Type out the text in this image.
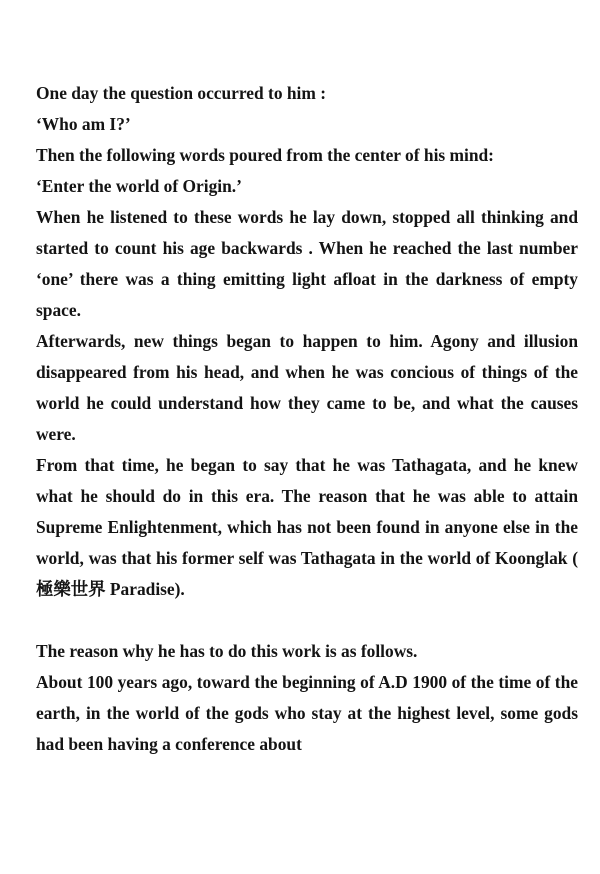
One day the question occurred to him :

‘Who am I?’

Then the following words poured from the center of his mind:

‘Enter the world of Origin.’

When he listened to these words he lay down, stopped all thinking and started to count his age backwards . When he reached the last number ‘one’ there was a thing emitting light afloat in the darkness of empty space.

Afterwards, new things began to happen to him. Agony and illusion disappeared from his head, and when he was concious of things of the world he could understand how they came to be, and what the causes were.

From that time, he began to say that he was Tathagata, and he knew what he should do in this era. The reason that he was able to attain Supreme Enlightenment, which has not been found in anyone else in the world, was that his former self was Tathagata in the world of Koonglak ( 極樂世界 Paradise).

The reason why he has to do this work is as follows.

About 100 years ago, toward the beginning of A.D 1900 of the time of the earth, in the world of the gods who stay at the highest level, some gods had been having a conference about
